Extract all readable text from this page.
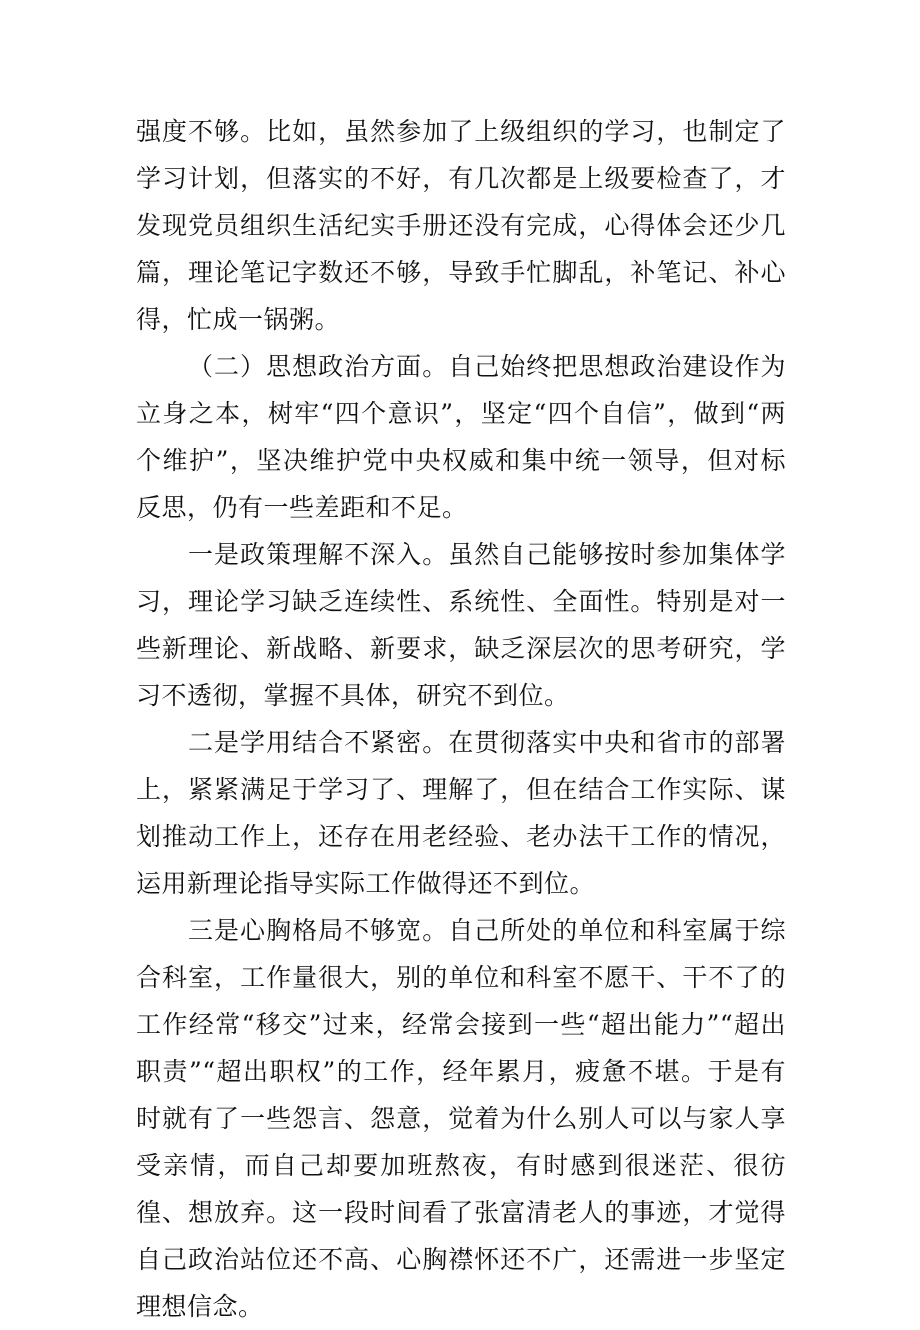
强度不够。比如，虽然参加了上级组织的学习，也制定了学习计划，但落实的不好，有几次都是上级要检查了，才发现党员组织生活纪实手册还没有完成，心得体会还少几篇，理论笔记字数还不够，导致手忙脚乱，补笔记、补心得，忙成一锅粥。

（二）思想政治方面。自己始终把思想政治建设作为立身之本，树牢“四个意识”，坚定“四个自信”，做到“两个维护”，坚决维护党中央权威和集中统一领导，但对标反思，仍有一些差距和不足。

一是政策理解不深入。虽然自己能够按时参加集体学习，理论学习缺乏连续性、系统性、全面性。特别是对一些新理论、新战略、新要求，缺乏深层次的思考研究，学习不透彻，掌握不具体，研究不到位。

二是学用结合不紧密。在贯彻落实中央和省市的部署上，紧紧满足于学习了、理解了，但在结合工作实际、谋划推动工作上，还存在用老经验、老办法干工作的情况，运用新理论指导实际工作做得还不到位。

三是心胸格局不够宽。自己所处的单位和科室属于综合科室，工作量很大，别的单位和科室不愿干、干不了的工作经常“移交”过来，经常会接到一些“超出能力”“超出职责”“超出职权”的工作，经年累月，疲惫不堪。于是有时就有了一些怨言、怨意，觉着为什么别人可以与家人享受亲情，而自己却要加班熬夜，有时感到很迷茫、很彷徨、想放弃。这一段时间看了张富清老人的事迹，才觉得自己政治站位还不高、心胸襟怀还不广，还需进一步坚定理想信念。
